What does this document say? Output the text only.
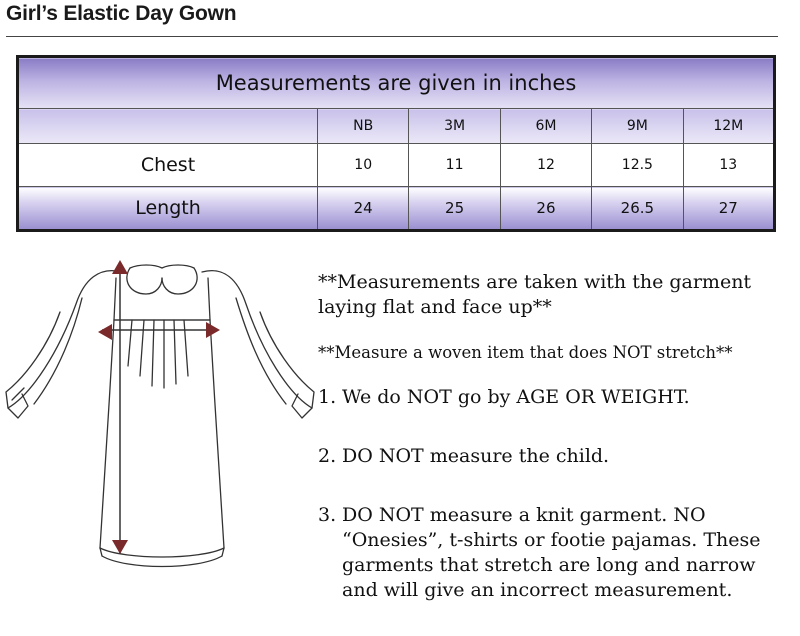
Girl’s Elastic Day Gown
Measurements are given in inches					
	NB	3M	6M	9M	12M
Chest	10	11	12	12.5	13
Length	24	25	26	26.5	27

**Measurements are taken with the garment laying flat and face up**

**Measure a woven item that does NOT stretch**

1. We do NOT go by AGE OR WEIGHT.
2. DO NOT measure the child.
3. DO NOT measure a knit garment. NO “Onesies”, t-shirts or footie pajamas. These garments that stretch are long and narrow and will give an incorrect measurement.
